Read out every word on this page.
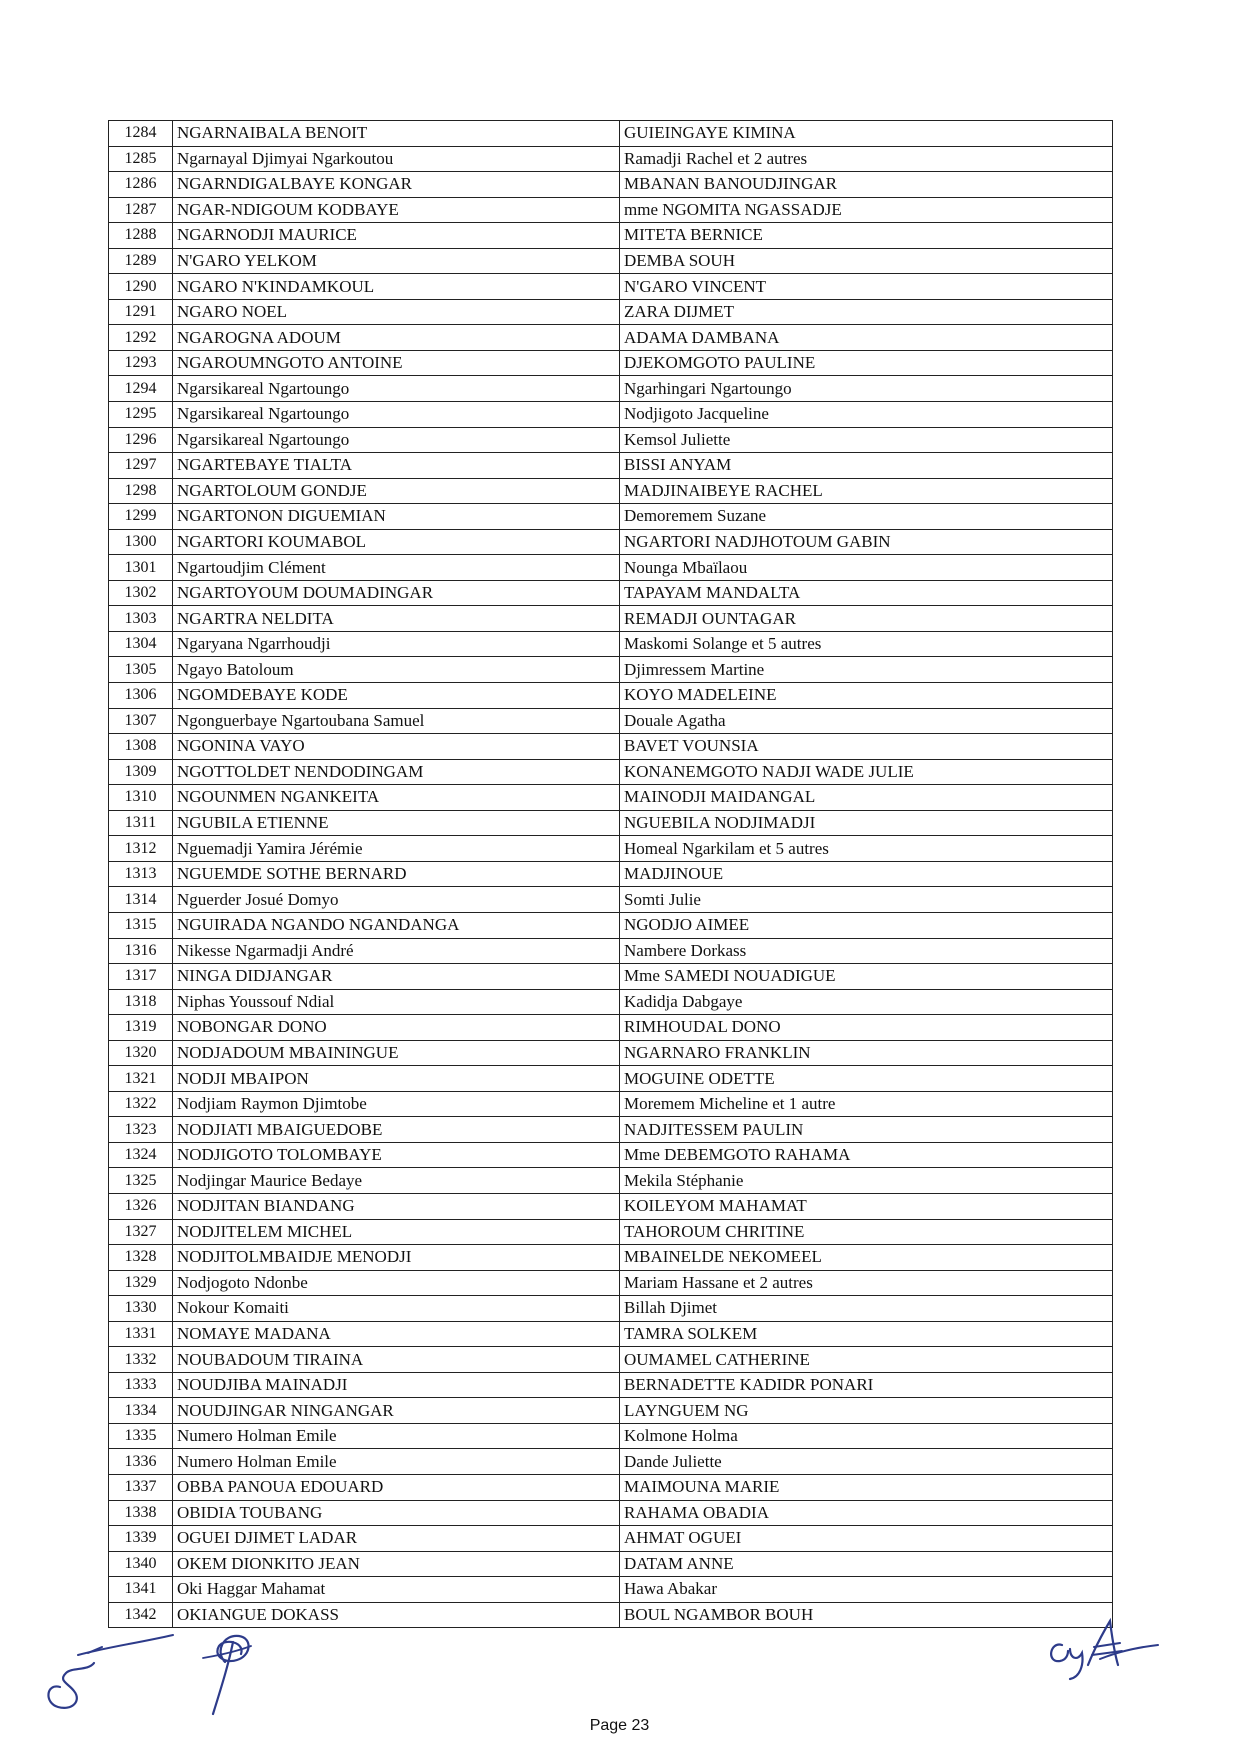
1284	NGARNAIBALA BENOIT	GUIEINGAYE KIMINA
1285	Ngarnayal Djimyai Ngarkoutou	Ramadji Rachel et 2 autres
1286	NGARNDIGALBAYE KONGAR	MBANAN BANOUDJINGAR
1287	NGAR-NDIGOUM KODBAYE	mme NGOMITA NGASSADJE
1288	NGARNODJI MAURICE	MITETA BERNICE
1289	N'GARO YELKOM	DEMBA SOUH
1290	NGARO N'KINDAMKOUL	N'GARO VINCENT
1291	NGARO NOEL	ZARA DIJMET
1292	NGAROGNA ADOUM	ADAMA DAMBANA
1293	NGAROUMNGOTO ANTOINE	DJEKOMGOTO PAULINE
1294	Ngarsikareal Ngartoungo	Ngarhingari Ngartoungo
1295	Ngarsikareal Ngartoungo	Nodjigoto Jacqueline
1296	Ngarsikareal Ngartoungo	Kemsol Juliette
1297	NGARTEBAYE TIALTA	BISSI ANYAM
1298	NGARTOLOUM GONDJE	MADJINAIBEYE RACHEL
1299	NGARTONON DIGUEMIAN	Demoremem Suzane
1300	NGARTORI KOUMABOL	NGARTORI NADJHOTOUM GABIN
1301	Ngartoudjim Clément	Nounga Mbaïlaou
1302	NGARTOYOUM DOUMADINGAR	TAPAYAM MANDALTA
1303	NGARTRA NELDITA	REMADJI OUNTAGAR
1304	Ngaryana Ngarrhoudji	Maskomi Solange et 5 autres
1305	Ngayo Batoloum	Djimressem Martine
1306	NGOMDEBAYE KODE	KOYO MADELEINE
1307	Ngonguerbaye Ngartoubana Samuel	Douale Agatha
1308	NGONINA VAYO	BAVET VOUNSIA
1309	NGOTTOLDET NENDODINGAM	KONANEMGOTO NADJI WADE JULIE
1310	NGOUNMEN NGANKEITA	MAINODJI MAIDANGAL
1311	NGUBILA ETIENNE	NGUEBILA NODJIMADJI
1312	Nguemadji Yamira Jérémie	Homeal Ngarkilam et 5 autres
1313	NGUEMDE SOTHE BERNARD	MADJINOUE
1314	Nguerder Josué Domyo	Somti Julie
1315	NGUIRADA NGANDO NGANDANGA	NGODJO AIMEE
1316	Nikesse Ngarmadji André	Nambere Dorkass
1317	NINGA DIDJANGAR	Mme SAMEDI NOUADIGUE
1318	Niphas Youssouf Ndial	Kadidja Dabgaye
1319	NOBONGAR DONO	RIMHOUDAL DONO
1320	NODJADOUM MBAININGUE	NGARNARO FRANKLIN
1321	NODJI MBAIPON	MOGUINE ODETTE
1322	Nodjiam Raymon Djimtobe	Moremem Micheline et 1 autre
1323	NODJIATI MBAIGUEDOBE	NADJITESSEM PAULIN
1324	NODJIGOTO TOLOMBAYE	Mme DEBEMGOTO RAHAMA
1325	Nodjingar Maurice Bedaye	Mekila Stéphanie
1326	NODJITAN BIANDANG	KOILEYOM MAHAMAT
1327	NODJITELEM MICHEL	TAHOROUM CHRITINE
1328	NODJITOLMBAIDJE MENODJI	MBAINELDE NEKOMEEL
1329	Nodjogoto Ndonbe	Mariam Hassane et 2 autres
1330	Nokour Komaiti	Billah Djimet
1331	NOMAYE MADANA	TAMRA SOLKEM
1332	NOUBADOUM TIRAINA	OUMAMEL CATHERINE
1333	NOUDJIBA MAINADJI	BERNADETTE KADIDR PONARI
1334	NOUDJINGAR NINGANGAR	LAYNGUEM NG
1335	Numero Holman Emile	Kolmone Holma
1336	Numero Holman Emile	Dande Juliette
1337	OBBA PANOUA EDOUARD	MAIMOUNA MARIE
1338	OBIDIA TOUBANG	RAHAMA OBADIA
1339	OGUEI DJIMET LADAR	AHMAT OGUEI
1340	OKEM DIONKITO JEAN	DATAM ANNE
1341	Oki Haggar Mahamat	Hawa Abakar
1342	OKIANGUE DOKASS	BOUL NGAMBOR BOUH
Page 23
